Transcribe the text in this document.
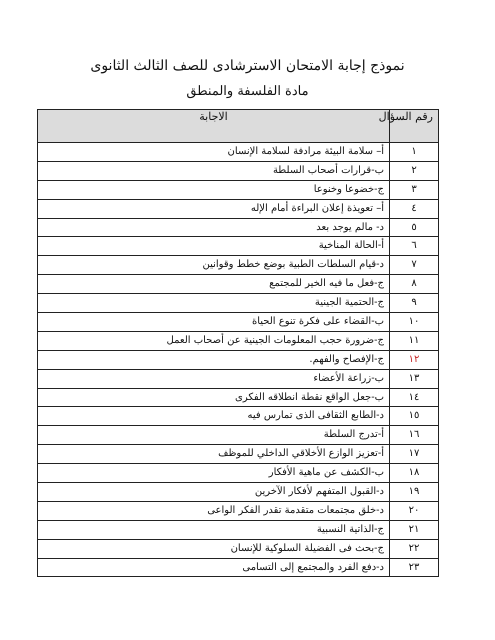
نموذج إجابة الامتحان الاسترشادى للصف الثالث الثانوى
مادة الفلسفة والمنطق
رقم السؤال	الاجابة
١	أ– سلامة البيئة مرادفة لسلامة الإنسان
٢	ب-قرارات أصحاب السلطة
٣	ج-خضوعا وخنوعا
٤	أ– تعويذة إعلان البراءة أمام الإله
٥	د- مالم يوجد بعد
٦	أ-الحالة المناخية
٧	د-قيام السلطات الطبية بوضع خطط وقوانين
٨	ج-فعل ما فيه الخير للمجتمع
٩	ج-الحتمية الجينية
١٠	ب-القضاء على فكرة تنوع الحياة
١١	ج-ضرورة حجب المعلومات الجينية عن أصحاب العمل
١٢	ج-الإفصاح والفهم.
١٣	ب-زراعة الأعضاء
١٤	ب-جعل الواقع نقطة انطلاقه الفكرى
١٥	د-الطابع الثقافى الذى تمارس فيه
١٦	أ-تدرج السلطة
١٧	أ-تعزيز الوازع الأخلاقي الداخلي للموظف
١٨	ب-الكشف عن ماهية الأفكار
١٩	د-القبول المتفهم لأفكار الآخرين
٢٠	د-خلق مجتمعات متقدمة تقدر الفكر الواعى
٢١	ج-الذاتية النسبية
٢٢	ج-بحث فى الفضيلة السلوكية للإنسان
٢٣	د-دفع الفرد والمجتمع إلى التسامى
